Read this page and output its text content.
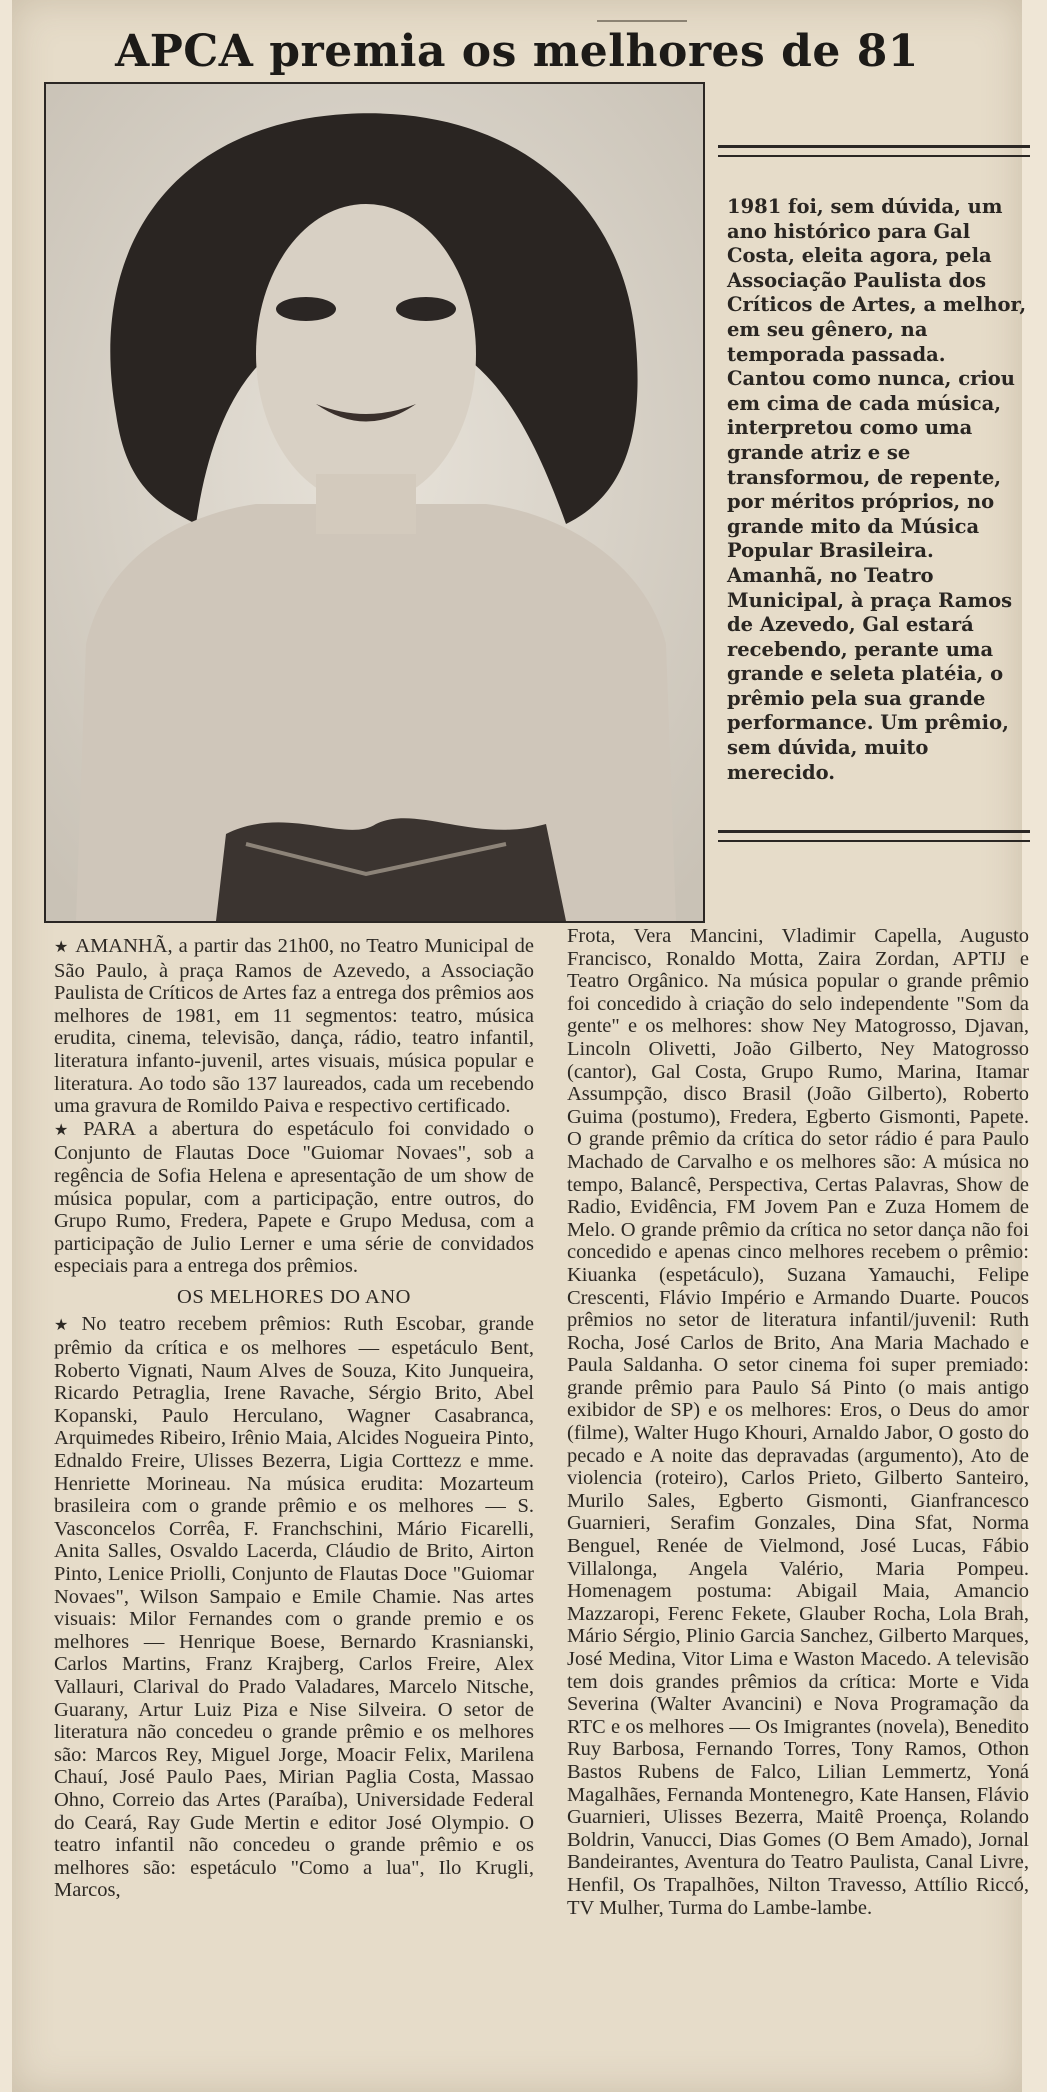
APCA premia os melhores de 81

1981 foi, sem dúvida, um ano histórico para Gal Costa, eleita agora, pela Associação Paulista dos Críticos de Artes, a melhor, em seu gênero, na temporada passada. Cantou como nunca, criou em cima de cada música, interpretou como uma grande atriz e se transformou, de repente, por méritos próprios, no grande mito da Música Popular Brasileira. Amanhã, no Teatro Municipal, à praça Ramos de Azevedo, Gal estará recebendo, perante uma grande e seleta platéia, o prêmio pela sua grande performance. Um prêmio, sem dúvida, muito merecido.

★ AMANHÃ, a partir das 21h00, no Teatro Municipal de São Paulo, à praça Ramos de Azevedo, a Associação Paulista de Críticos de Artes faz a entrega dos prêmios aos melhores de 1981, em 11 segmentos: teatro, música erudita, cinema, televisão, dança, rádio, teatro infantil, literatura infanto-juvenil, artes visuais, música popular e literatura. Ao todo são 137 laureados, cada um recebendo uma gravura de Romildo Paiva e respectivo certificado.

★ PARA a abertura do espetáculo foi convidado o Conjunto de Flautas Doce "Guiomar Novaes", sob a regência de Sofia Helena e apresentação de um show de música popular, com a participação, entre outros, do Grupo Rumo, Fredera, Papete e Grupo Medusa, com a participação de Julio Lerner e uma série de convidados especiais para a entrega dos prêmios.

OS MELHORES DO ANO

★ No teatro recebem prêmios: Ruth Escobar, grande prêmio da crítica e os melhores — espetáculo Bent, Roberto Vignati, Naum Alves de Souza, Kito Junqueira, Ricardo Petraglia, Irene Ravache, Sérgio Brito, Abel Kopanski, Paulo Herculano, Wagner Casabranca, Arquimedes Ribeiro, Irênio Maia, Alcides Nogueira Pinto, Ednaldo Freire, Ulisses Bezerra, Ligia Corttezz e mme. Henriette Morineau. Na música erudita: Mozarteum brasileira com o grande prêmio e os melhores — S. Vasconcelos Corrêa, F. Franchschini, Mário Ficarelli, Anita Salles, Osvaldo Lacerda, Cláudio de Brito, Airton Pinto, Lenice Priolli, Conjunto de Flautas Doce "Guiomar Novaes", Wilson Sampaio e Emile Chamie. Nas artes visuais: Milor Fernandes com o grande premio e os melhores — Henrique Boese, Bernardo Krasnianski, Carlos Martins, Franz Krajberg, Carlos Freire, Alex Vallauri, Clarival do Prado Valadares, Marcelo Nitsche, Guarany, Artur Luiz Piza e Nise Silveira. O setor de literatura não concedeu o grande prêmio e os melhores são: Marcos Rey, Miguel Jorge, Moacir Felix, Marilena Chauí, José Paulo Paes, Mirian Paglia Costa, Massao Ohno, Correio das Artes (Paraíba), Universidade Federal do Ceará, Ray Gude Mertin e editor José Olympio. O teatro infantil não concedeu o grande prêmio e os melhores são: espetáculo "Como a lua", Ilo Krugli, Marcos,

Frota, Vera Mancini, Vladimir Capella, Augusto Francisco, Ronaldo Motta, Zaira Zordan, APTIJ e Teatro Orgânico. Na música popular o grande prêmio foi concedido à criação do selo independente "Som da gente" e os melhores: show Ney Matogrosso, Djavan, Lincoln Olivetti, João Gilberto, Ney Matogrosso (cantor), Gal Costa, Grupo Rumo, Marina, Itamar Assumpção, disco Brasil (João Gilberto), Roberto Guima (postumo), Fredera, Egberto Gismonti, Papete. O grande prêmio da crítica do setor rádio é para Paulo Machado de Carvalho e os melhores são: A música no tempo, Balancê, Perspectiva, Certas Palavras, Show de Radio, Evidência, FM Jovem Pan e Zuza Homem de Melo. O grande prêmio da crítica no setor dança não foi concedido e apenas cinco melhores recebem o prêmio: Kiuanka (espetáculo), Suzana Yamauchi, Felipe Crescenti, Flávio Império e Armando Duarte. Poucos prêmios no setor de literatura infantil/juvenil: Ruth Rocha, José Carlos de Brito, Ana Maria Machado e Paula Saldanha. O setor cinema foi super premiado: grande prêmio para Paulo Sá Pinto (o mais antigo exibidor de SP) e os melhores: Eros, o Deus do amor (filme), Walter Hugo Khouri, Arnaldo Jabor, O gosto do pecado e A noite das depravadas (argumento), Ato de violencia (roteiro), Carlos Prieto, Gilberto Santeiro, Murilo Sales, Egberto Gismonti, Gianfrancesco Guarnieri, Serafim Gonzales, Dina Sfat, Norma Benguel, Renée de Vielmond, José Lucas, Fábio Villalonga, Angela Valério, Maria Pompeu. Homenagem postuma: Abigail Maia, Amancio Mazzaropi, Ferenc Fekete, Glauber Rocha, Lola Brah, Mário Sérgio, Plinio Garcia Sanchez, Gilberto Marques, José Medina, Vitor Lima e Waston Macedo. A televisão tem dois grandes prêmios da crítica: Morte e Vida Severina (Walter Avancini) e Nova Programação da RTC e os melhores — Os Imigrantes (novela), Benedito Ruy Barbosa, Fernando Torres, Tony Ramos, Othon Bastos Rubens de Falco, Lilian Lemmertz, Yoná Magalhães, Fernanda Montenegro, Kate Hansen, Flávio Guarnieri, Ulisses Bezerra, Maitê Proença, Rolando Boldrin, Vanucci, Dias Gomes (O Bem Amado), Jornal Bandeirantes, Aventura do Teatro Paulista, Canal Livre, Henfil, Os Trapalhões, Nilton Travesso, Attílio Riccó, TV Mulher, Turma do Lambe-lambe.
